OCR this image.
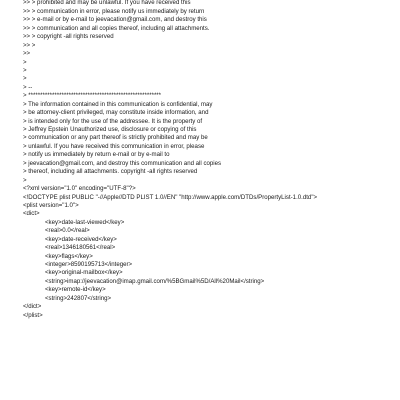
>> > prohibited and may be unlawful. If you have received this
>> > communication in error, please notify us immediately by return
>> > e-mail or by e-mail to jeevacation@gmail.com, and destroy this
>> > communication and all copies thereof, including all attachments.
>> > copyright -all rights reserved
>> >
>>
>
>
>
> --
> ********************************************************
> The information contained in this communication is confidential, may
> be attorney-client privileged, may constitute inside information, and
> is intended only for the use of the addressee. It is the property of
> Jeffrey Epstein Unauthorized use, disclosure or copying of this
> communication or any part thereof is strictly prohibited and may be
> unlawful. If you have received this communication in error, please
> notify us immediately by return e-mail or by e-mail to
> jeevacation@gmail.com, and destroy this communication and all copies
> thereof, including all attachments. copyright -all rights reserved
>
<?xml version="1.0" encoding="UTF-8"?>
<!DOCTYPE plist PUBLIC "-//Apple//DTD PLIST 1.0//EN" "http://www.apple.com/DTDs/PropertyList-1.0.dtd">
<plist version="1.0">
<dict>
<key>date-last-viewed</key>
<real>0.0</real>
<key>date-received</key>
<real>1346180561</real>
<key>flags</key>
<integer>8590195713</integer>
<key>original-mailbox</key>
<string>imap://jeevacation@imap.gmail.com/%5BGmail%5D/All%20Mail</string>
<key>remote-id</key>
<string>242807</string>
</dict>
</plist>
